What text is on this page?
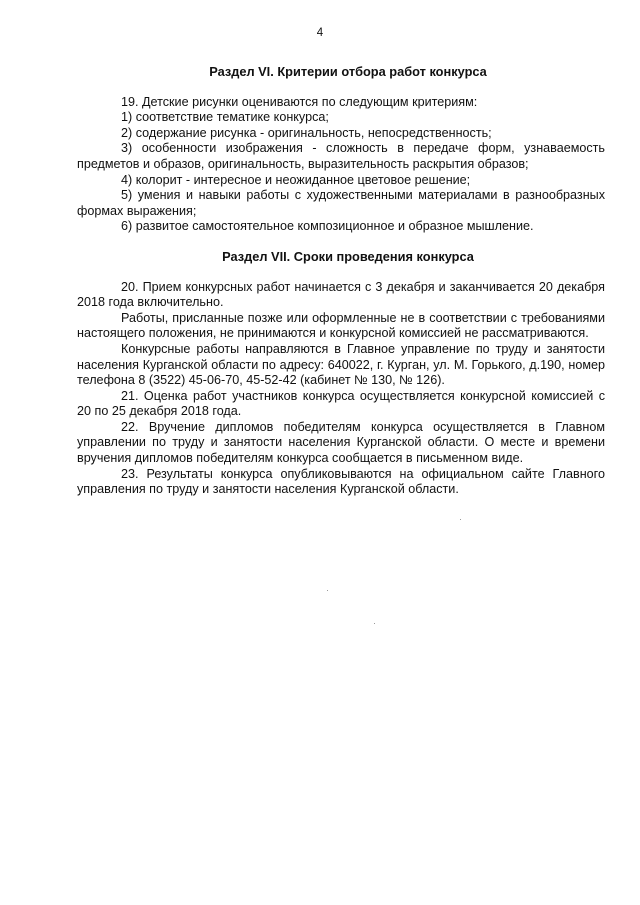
4
Раздел VI. Критерии отбора работ конкурса

19. Детские рисунки оцениваются по следующим критериям:

1) соответствие тематике конкурса;
2) содержание рисунка - оригинальность, непосредственность;
3) особенности изображения - сложность в передаче форм, узнаваемость предметов и образов, оригинальность, выразительность раскрытия образов;
4) колорит - интересное и неожиданное цветовое решение;
5) умения и навыки работы с художественными материалами в разнообразных формах выражения;
6) развитое самостоятельное композиционное и образное мышление.
Раздел VII. Сроки проведения конкурса

20. Прием конкурсных работ начинается с 3 декабря и заканчивается 20 декабря 2018 года включительно.

Работы, присланные позже или оформленные не в соответствии с требованиями настоящего положения, не принимаются и конкурсной комиссией не рассматриваются.

Конкурсные работы направляются в Главное управление по труду и занятости населения Курганской области по адресу: 640022, г. Курган, ул. М. Горького, д.190, номер телефона 8 (3522) 45-06-70, 45-52-42 (кабинет № 130, № 126).

21. Оценка работ участников конкурса осуществляется конкурсной комиссией с 20 по 25 декабря 2018 года.

22. Вручение дипломов победителям конкурса осуществляется в Главном управлении по труду и занятости населения Курганской области. О месте и времени вручения дипломов победителям конкурса сообщается в письменном виде.

23. Результаты конкурса опубликовываются на официальном сайте Главного управления по труду и занятости населения Курганской области.
